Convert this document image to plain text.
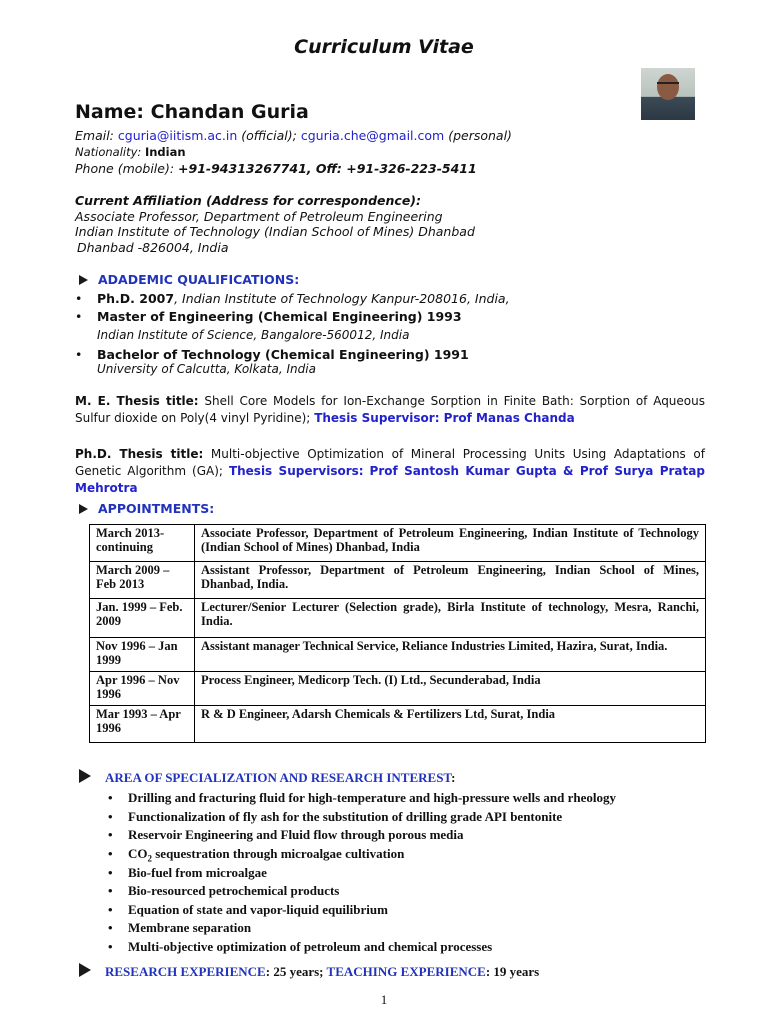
Curriculum Vitae
Name: Chandan Guria
Email: cguria@iitism.ac.in (official); cguria.che@gmail.com (personal)
Nationality: Indian
Phone (mobile): +91-94313267741, Off: +91-326-223-5411
Current Affiliation (Address for correspondence):
Associate Professor, Department of Petroleum Engineering
Indian Institute of Technology (Indian School of Mines) Dhanbad
Dhanbad -826004, India
ADADEMIC QUALIFICATIONS:
• Ph.D. 2007, Indian Institute of Technology Kanpur-208016, India,
• Master of Engineering (Chemical Engineering) 1993
Indian Institute of Science, Bangalore-560012, India
• Bachelor of Technology (Chemical Engineering) 1991
University of Calcutta, Kolkata, India
M. E. Thesis title: Shell Core Models for Ion-Exchange Sorption in Finite Bath: Sorption of Aqueous Sulfur dioxide on Poly(4 vinyl Pyridine); Thesis Supervisor: Prof Manas Chanda
Ph.D. Thesis title: Multi-objective Optimization of Mineral Processing Units Using Adaptations of Genetic Algorithm (GA); Thesis Supervisors: Prof Santosh Kumar Gupta & Prof Surya Pratap Mehrotra
APPOINTMENTS:
March 2013-continuing	Associate Professor, Department of Petroleum Engineering, Indian Institute of Technology (Indian School of Mines) Dhanbad, India
March 2009 – Feb 2013	Assistant Professor, Department of Petroleum Engineering, Indian School of Mines, Dhanbad, India.
Jan. 1999 – Feb. 2009	Lecturer/Senior Lecturer (Selection grade), Birla Institute of technology, Mesra, Ranchi, India.
Nov 1996 – Jan 1999	Assistant manager Technical Service, Reliance Industries Limited, Hazira, Surat, India.
Apr 1996 – Nov 1996	Process Engineer, Medicorp Tech. (I) Ltd., Secunderabad, India
Mar 1993 – Apr 1996	R & D Engineer, Adarsh Chemicals & Fertilizers Ltd, Surat, India
AREA OF SPECIALIZATION AND RESEARCH INTEREST:
• Drilling and fracturing fluid for high-temperature and high-pressure wells and rheology
• Functionalization of fly ash for the substitution of drilling grade API bentonite
• Reservoir Engineering and Fluid flow through porous media
• $CO_2$ sequestration through microalgae cultivation
• Bio-fuel from microalgae
• Bio-resourced petrochemical products
• Equation of state and vapor-liquid equilibrium
• Membrane separation
• Multi-objective optimization of petroleum and chemical processes
RESEARCH EXPERIENCE: 25 years; TEACHING EXPERIENCE: 19 years
1
